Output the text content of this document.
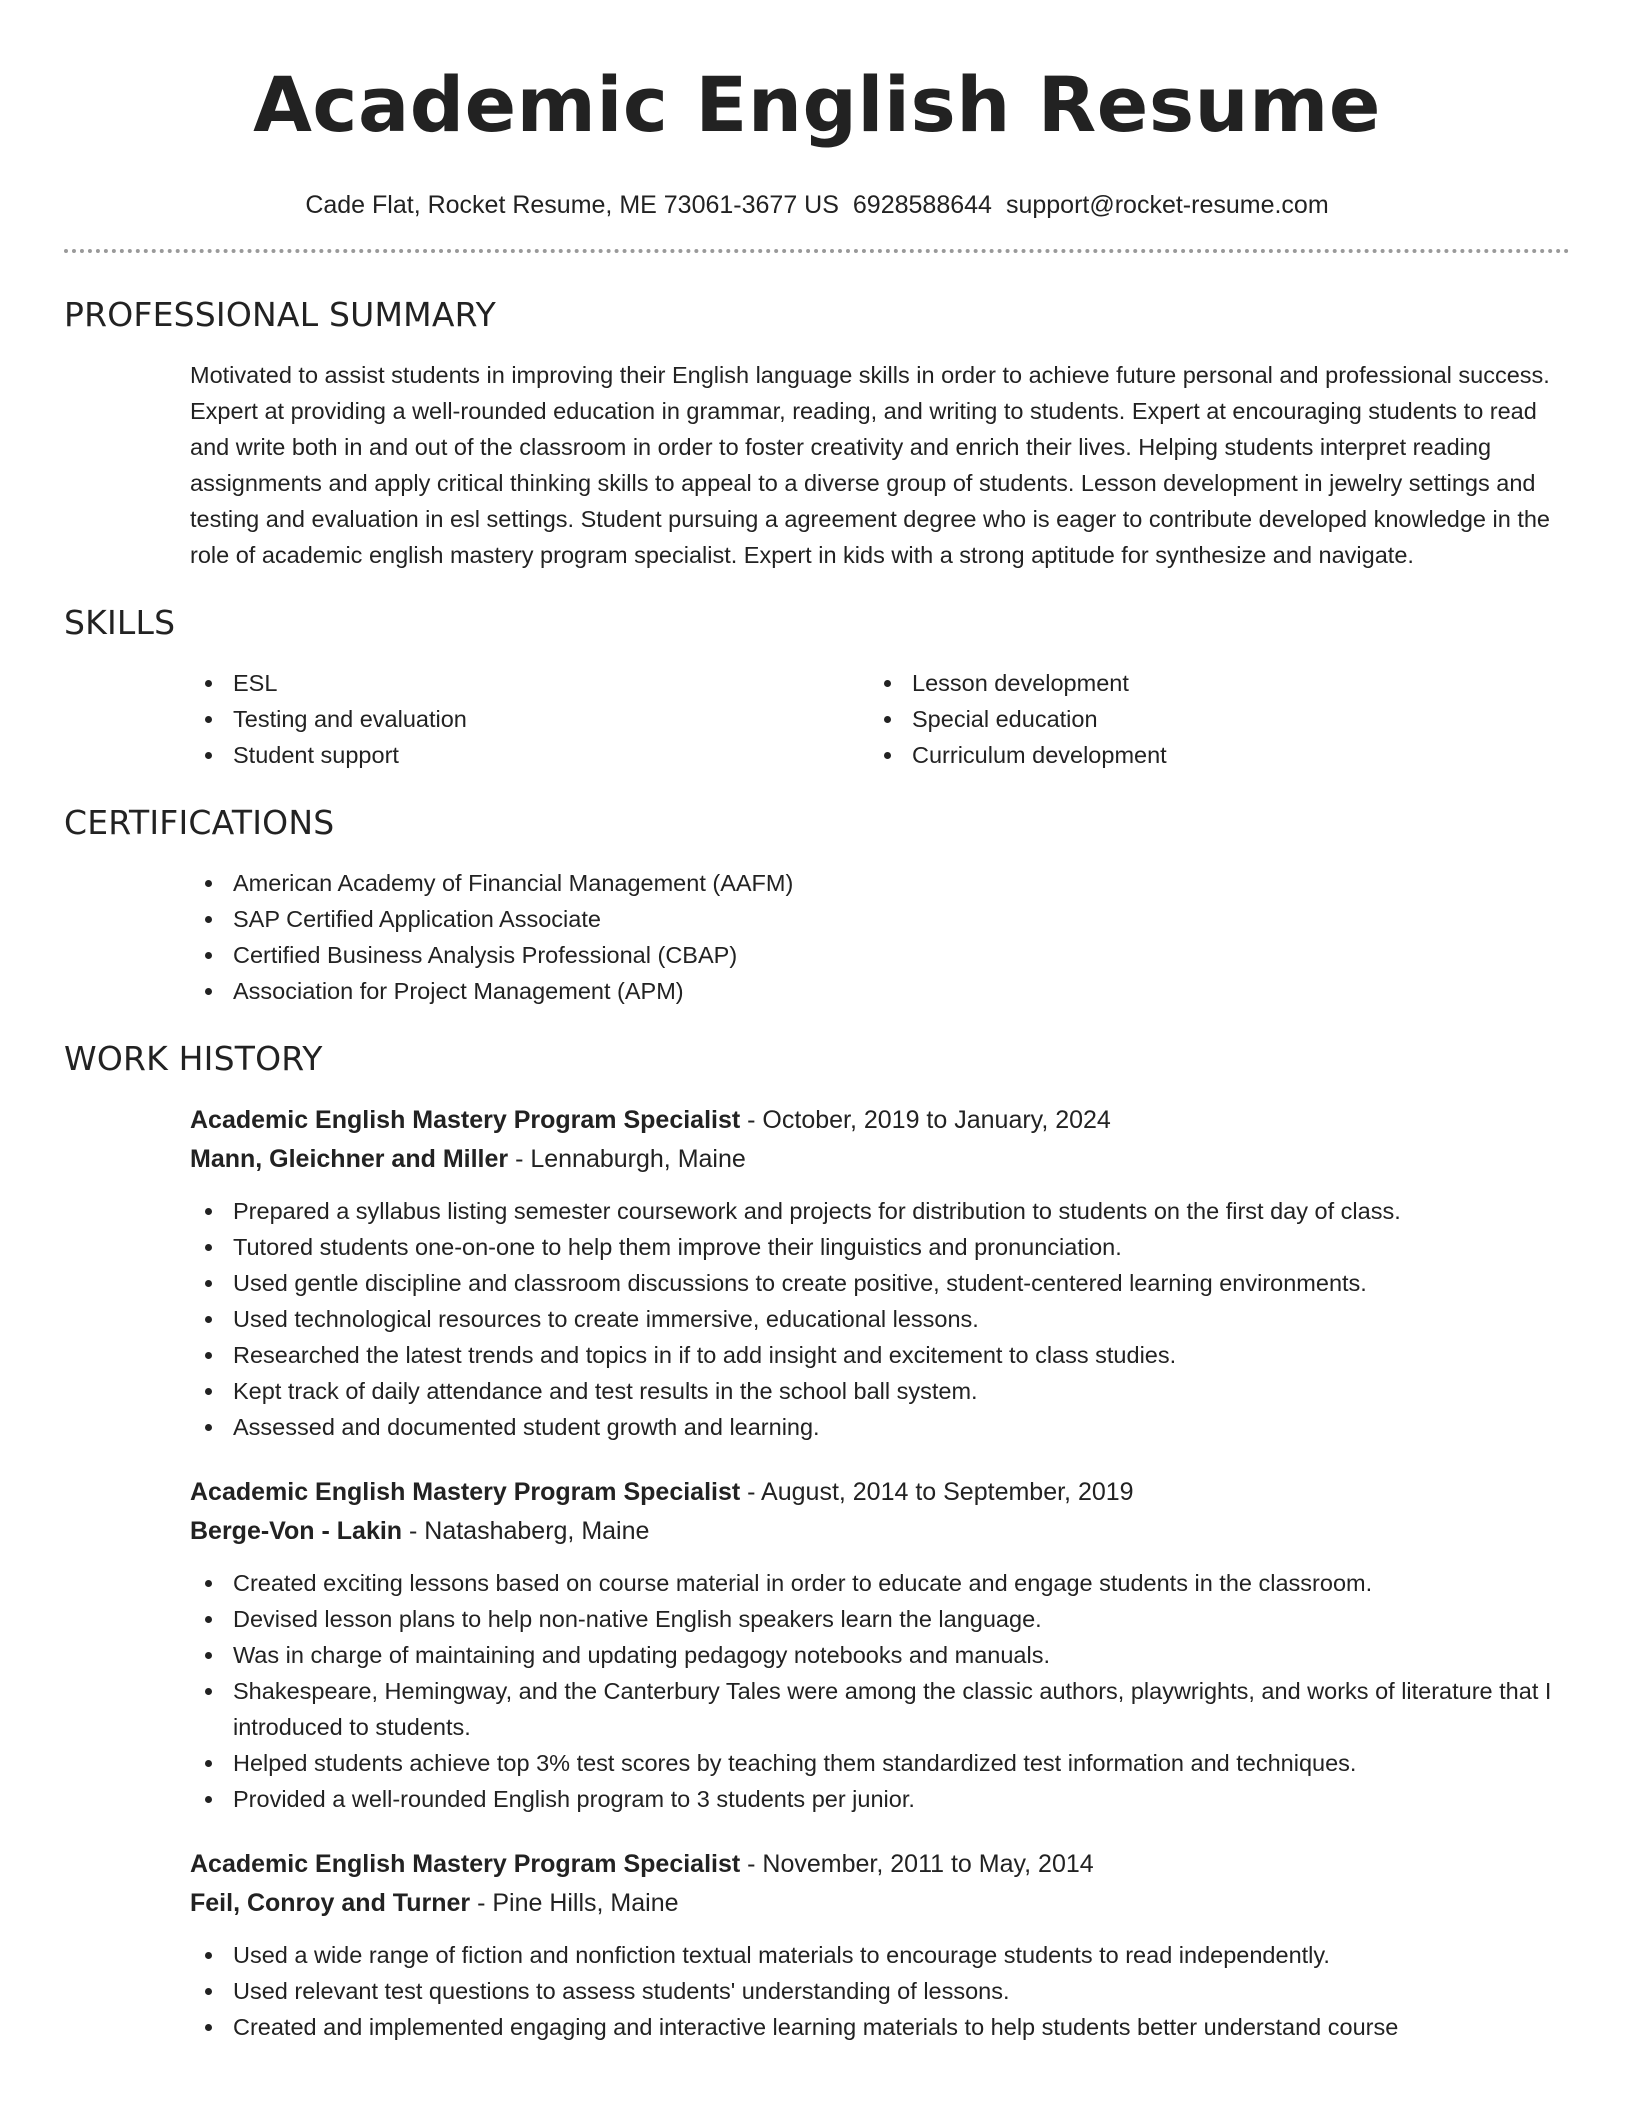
Academic English Resume
Cade Flat, Rocket Resume, ME 73061-3677 US 6928588644 support@rocket-resume.com
PROFESSIONAL SUMMARY
Motivated to assist students in improving their English language skills in order to achieve future personal and professional success. Expert at providing a well-rounded education in grammar, reading, and writing to students. Expert at encouraging students to read and write both in and out of the classroom in order to foster creativity and enrich their lives. Helping students interpret reading assignments and apply critical thinking skills to appeal to a diverse group of students. Lesson development in jewelry settings and testing and evaluation in esl settings. Student pursuing a agreement degree who is eager to contribute developed knowledge in the role of academic english mastery program specialist. Expert in kids with a strong aptitude for synthesize and navigate.
SKILLS
ESL
Testing and evaluation
Student support
Lesson development
Special education
Curriculum development
CERTIFICATIONS
American Academy of Financial Management (AAFM)
SAP Certified Application Associate
Certified Business Analysis Professional (CBAP)
Association for Project Management (APM)
WORK HISTORY
Academic English Mastery Program Specialist - October, 2019 to January, 2024
Mann, Gleichner and Miller - Lennaburgh, Maine
Prepared a syllabus listing semester coursework and projects for distribution to students on the first day of class.
Tutored students one-on-one to help them improve their linguistics and pronunciation.
Used gentle discipline and classroom discussions to create positive, student-centered learning environments.
Used technological resources to create immersive, educational lessons.
Researched the latest trends and topics in if to add insight and excitement to class studies.
Kept track of daily attendance and test results in the school ball system.
Assessed and documented student growth and learning.
Academic English Mastery Program Specialist - August, 2014 to September, 2019
Berge-Von - Lakin - Natashaberg, Maine
Created exciting lessons based on course material in order to educate and engage students in the classroom.
Devised lesson plans to help non-native English speakers learn the language.
Was in charge of maintaining and updating pedagogy notebooks and manuals.
Shakespeare, Hemingway, and the Canterbury Tales were among the classic authors, playwrights, and works of literature that I introduced to students.
Helped students achieve top 3% test scores by teaching them standardized test information and techniques.
Provided a well-rounded English program to 3 students per junior.
Academic English Mastery Program Specialist - November, 2011 to May, 2014
Feil, Conroy and Turner - Pine Hills, Maine
Used a wide range of fiction and nonfiction textual materials to encourage students to read independently.
Used relevant test questions to assess students' understanding of lessons.
Created and implemented engaging and interactive learning materials to help students better understand course
